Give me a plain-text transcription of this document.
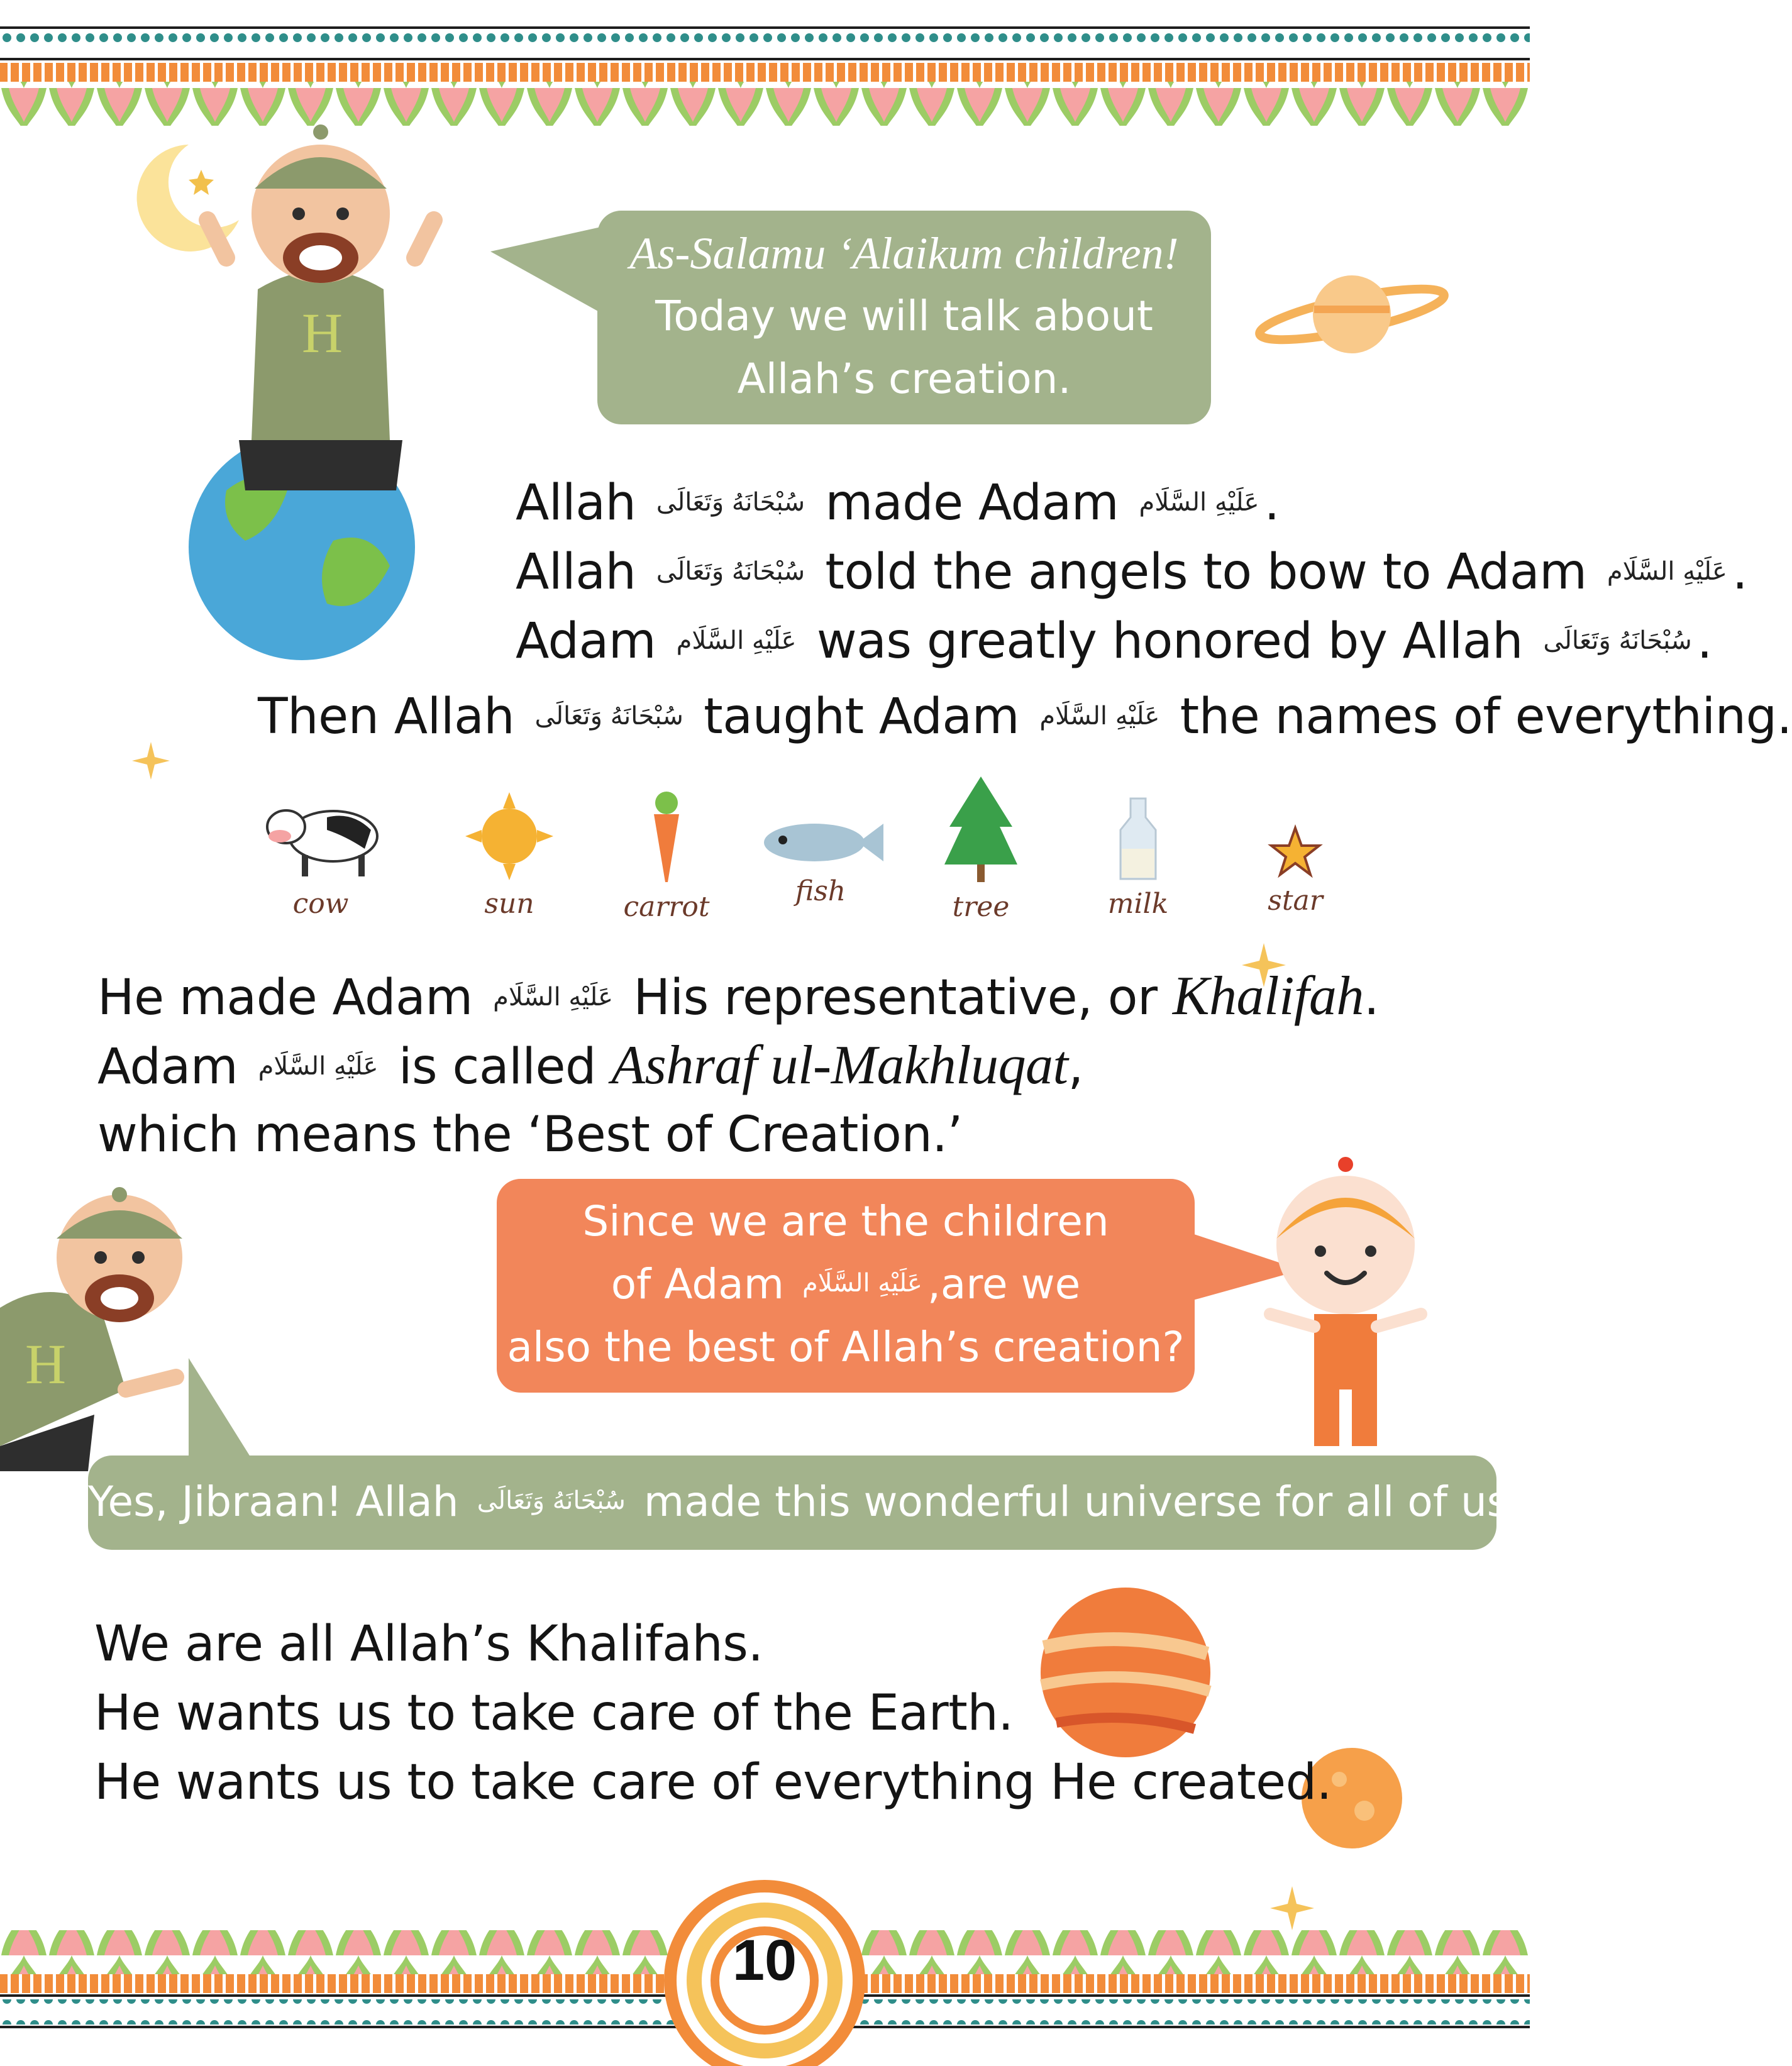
10
H
As-Salamu ‘Alaikum children!
Today we will talk about
Allah’s creation.
Allah سُبْحَانَهُ وَتَعَالَى made Adam عَلَيْهِ السَّلَام .
Allah سُبْحَانَهُ وَتَعَالَى told the angels to bow to Adam عَلَيْهِ السَّلَام .
Adam عَلَيْهِ السَّلَام was greatly honored by Allah سُبْحَانَهُ وَتَعَالَى .
Then Allah سُبْحَانَهُ وَتَعَالَى taught Adam عَلَيْهِ السَّلَام the names of everything.
cow	sun	carrot	fish	tree	milk	star
He made Adam عَلَيْهِ السَّلَام His representative, or Khalifah.
Adam عَلَيْهِ السَّلَام is called Ashraf ul-Makhluqat,
which means the ‘Best of Creation.’
H
Since we are the children
of Adam عَلَيْهِ السَّلَام ,are we
also the best of Allah’s creation?
Yes, Jibraan! Allah سُبْحَانَهُ وَتَعَالَى made this wonderful universe for all of us
We are all Allah’s Khalifahs.
He wants us to take care of the Earth.
He wants us to take care of everything He created.
